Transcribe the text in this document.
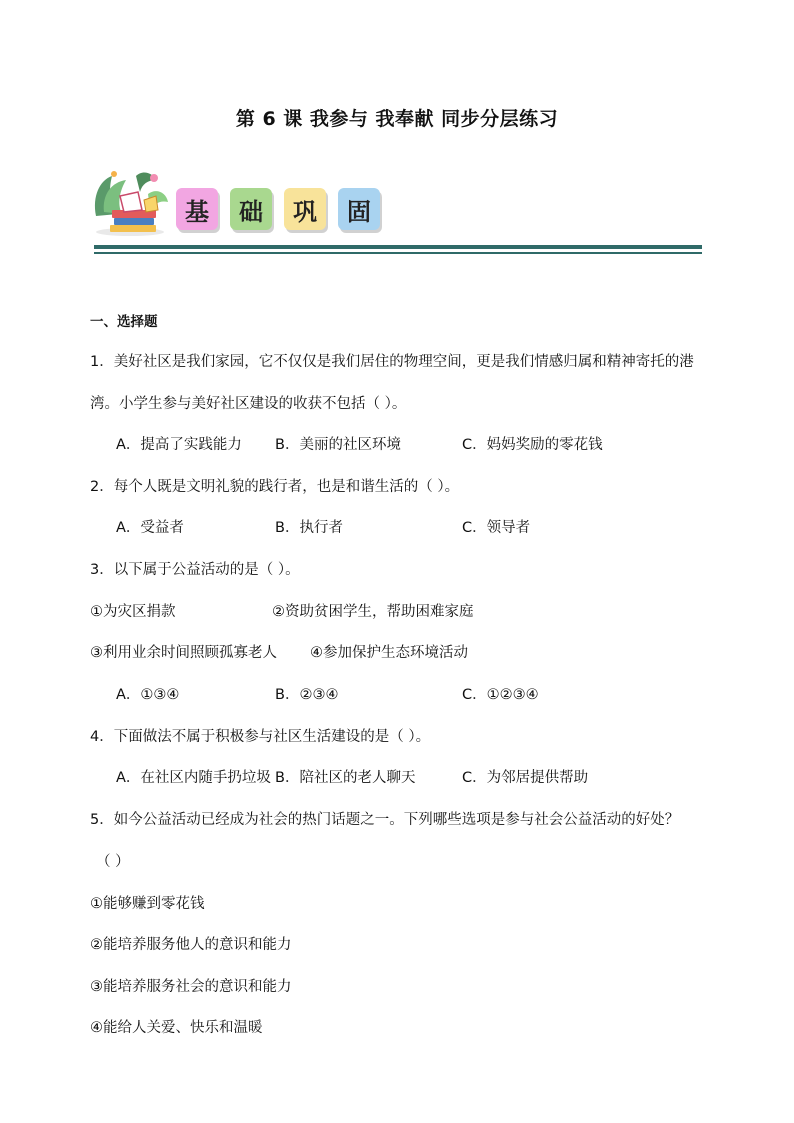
第 6 课 我参与 我奉献 同步分层练习
基	础	巩	固
一、选择题
1．美好社区是我们家园，它不仅仅是我们居住的物理空间，更是我们情感归属和精神寄托的港
湾。小学生参与美好社区建设的收获不包括（ ）。
A．提高了实践能力 B．美丽的社区环境	C．妈妈奖励的零花钱
2．每个人既是文明礼貌的践行者，也是和谐生活的（ ）。
A．受益者	B．执行者	C．领导者
3．以下属于公益活动的是（ ）。
①为灾区捐款	②资助贫困学生，帮助困难家庭
③利用业余时间照顾孤寡老人 ④参加保护生态环境活动
A．①③④	B．②③④	C．①②③④
4．下面做法不属于积极参与社区生活建设的是（ ）。
A．在社区内随手扔垃圾 B．陪社区的老人聊天	C．为邻居提供帮助
5．如今公益活动已经成为社会的热门话题之一。下列哪些选项是参与社会公益活动的好处？
（ ）
①能够赚到零花钱
②能培养服务他人的意识和能力
③能培养服务社会的意识和能力
④能给人关爱、快乐和温暖
